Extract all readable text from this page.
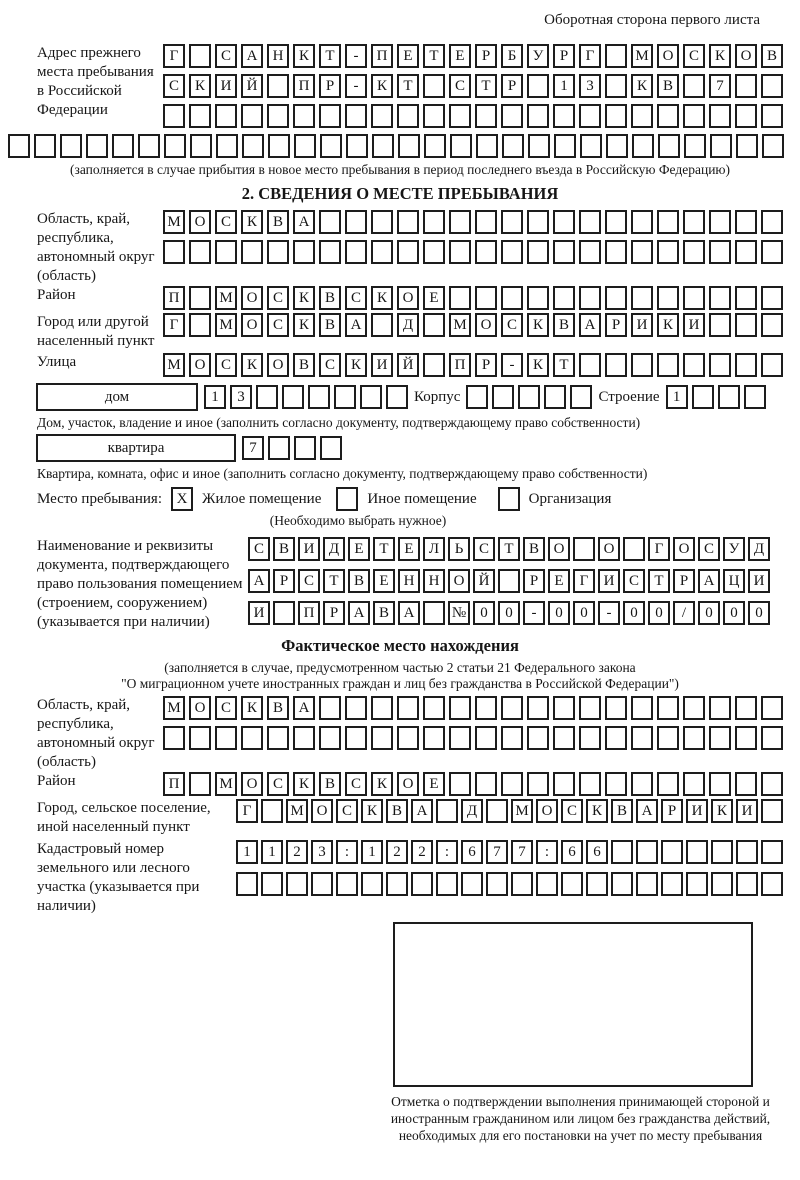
Оборотная сторона первого листа
Адрес прежнего места пребывания в Российской Федерации
Г	С	А	Н	К	Т	-	П	Е	Т	Е	Р	Б	У	Р	Г	М О	С	К	О	В
С	К	И	Й	П	Р	-	К	Т	С	Т	Р	1	3	К	В	7
(заполняется в случае прибытия в новое место пребывания в период последнего въезда в Российскую Федерацию)
2. СВЕДЕНИЯ О МЕСТЕ ПРЕБЫВАНИЯ
Область, край, республика, автономный округ (область)
М О	С	К	В	А
Район	П	М О	С	К	В	С	К	О	Е
Город или другой населенный пункт
Г	М О	С	К	В	А	Д	М О	С	К	В	А	Р	И	К	И
Улица	М О	С	К	О	В	С	К	И	Й	П	Р	-	К	Т
дом	1	3	Корпус	Строение 1
Дом, участок, владение и иное (заполнить согласно документу, подтверждающему право собственности)
квартира	7
Квартира, комната, офис и иное (заполнить согласно документу, подтверждающему право собственности)
Место пребывания: X Жилое помещение	Иное помещение	Организация
(Необходимо выбрать нужное)
Наименование и реквизиты документа, подтверждающего право пользования помещением (строением, сооружением) (указывается при наличии)
С В И Д	Е	Т	Е	Л	Ь	С	Т	В О	О	Г	О С У Д
А	Р	С	Т	В	Е	Н Н О Й	Р	Е	Г	И С	Т	Р	А Ц И
И	П	Р	А В А	№ 0	0	-	0	0	-	0	0	/	0	0	0
Фактическое место нахождения
(заполняется в случае, предусмотренном частью 2 статьи 21 Федерального закона
"О миграционном учете иностранных граждан и лиц без гражданства в Российской Федерации")
Область, край, республика, автономный округ (область)
М О	С	К	В	А
Район	П	М О	С	К	В	С	К	О	Е
Город, сельское поселение, иной населенный пункт
Г	М О С К В А	Д	М О С К В А	Р	И К И
Кадастровый номер земельного или лесного участка (указывается при наличии)
1	1	2	3	:	1	2	2	:	6	7	7	:	6	6
Отметка о подтверждении выполнения принимающей стороной и иностранным гражданином или лицом без гражданства действий, необходимых для его постановки на учет по месту пребывания
